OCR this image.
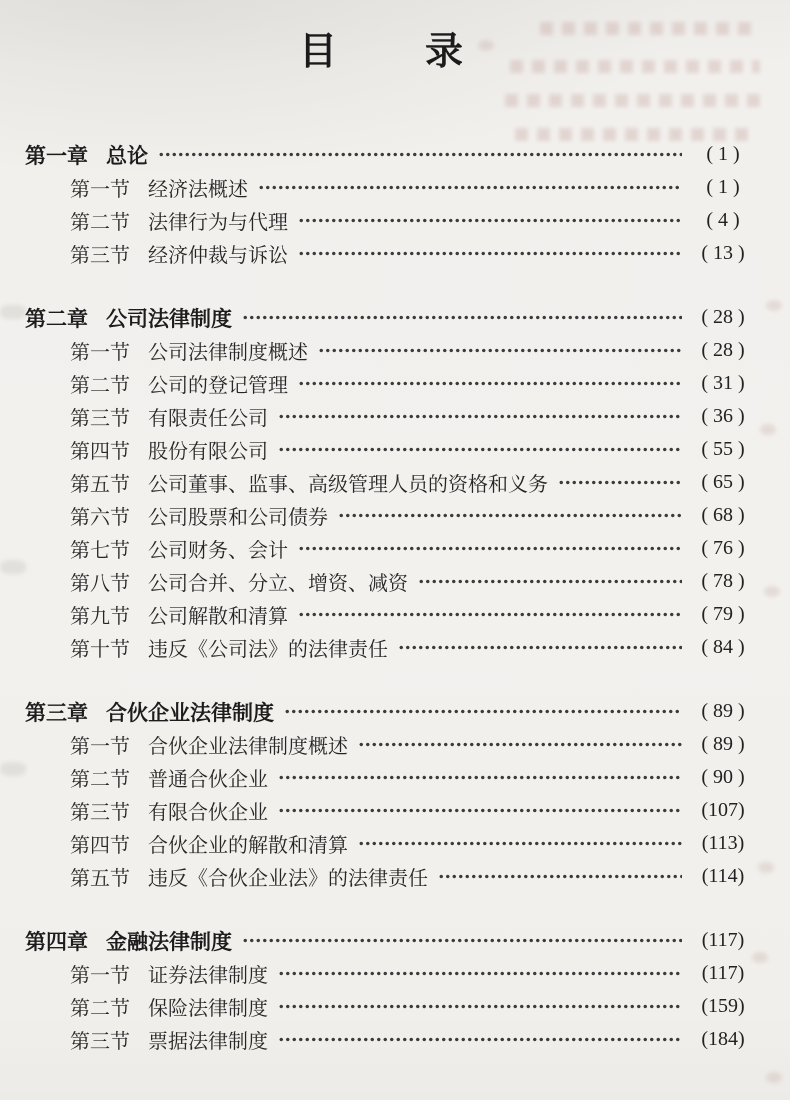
目　　录
第一章 总论	( 1 )
第一节 经济法概述	( 1 )
第二节 法律行为与代理	( 4 )
第三节 经济仲裁与诉讼	( 13 )
第二章 公司法律制度	( 28 )
第一节 公司法律制度概述	( 28 )
第二节 公司的登记管理	( 31 )
第三节 有限责任公司	( 36 )
第四节 股份有限公司	( 55 )
第五节 公司董事、监事、高级管理人员的资格和义务	( 65 )
第六节 公司股票和公司债券	( 68 )
第七节 公司财务、会计	( 76 )
第八节 公司合并、分立、增资、减资	( 78 )
第九节 公司解散和清算	( 79 )
第十节 违反《公司法》的法律责任	( 84 )
第三章 合伙企业法律制度	( 89 )
第一节 合伙企业法律制度概述	( 89 )
第二节 普通合伙企业	( 90 )
第三节 有限合伙企业	(107)
第四节 合伙企业的解散和清算	(113)
第五节 违反《合伙企业法》的法律责任	(114)
第四章 金融法律制度	(117)
第一节 证券法律制度	(117)
第二节 保险法律制度	(159)
第三节 票据法律制度	(184)
